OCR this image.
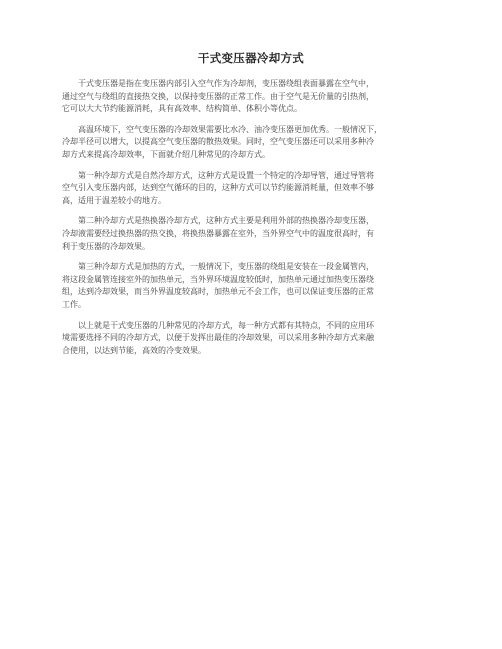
干式变压器冷却方式
干式变压器是指在变压器内部引入空气作为冷却剂，变压器绕组表面暴露在空气中，
通过空气与绕组的直接热交换，以保持变压器的正常工作。由于空气是无价量的引热剂，
它可以大大节约能源消耗，具有高效率、结构简单、体积小等优点。
高温环境下，空气变压器的冷却效果需要比水冷、油冷变压器更加优秀。一般情况下，
冷却半径可以增大，以提高空气变压器的散热效果。同时，空气变压器还可以采用多种冷
却方式来提高冷却效率，下面就介绍几种常见的冷却方式。
第一种冷却方式是自然冷却方式，这种方式是设置一个特定的冷却导管，通过导管将
空气引入变压器内部，达到空气循环的目的，这种方式可以节约能源消耗量，但效率不够
高，适用于温差较小的地方。
第二种冷却方式是热换器冷却方式，这种方式主要是利用外部的热换器冷却变压器，
冷却液需要经过换热器的热交换，将换热器暴露在室外，当外界空气中的温度很高时，有
利于变压器的冷却效果。
第三种冷却方式是加热的方式，一般情况下，变压器的绕组是安装在一段金属管内，
将这段金属管连接室外的加热单元，当外界环境温度较低时，加热单元通过加热变压器绕
组，达到冷却效果，而当外界温度较高时，加热单元不会工作，也可以保证变压器的正常
工作。
以上就是干式变压器的几种常见的冷却方式，每一种方式都有其特点，不同的应用环
境需要选择不同的冷却方式，以便于发挥出最佳的冷却效果，可以采用多种冷却方式来融
合使用，以达到节能，高效的冷变效果。
